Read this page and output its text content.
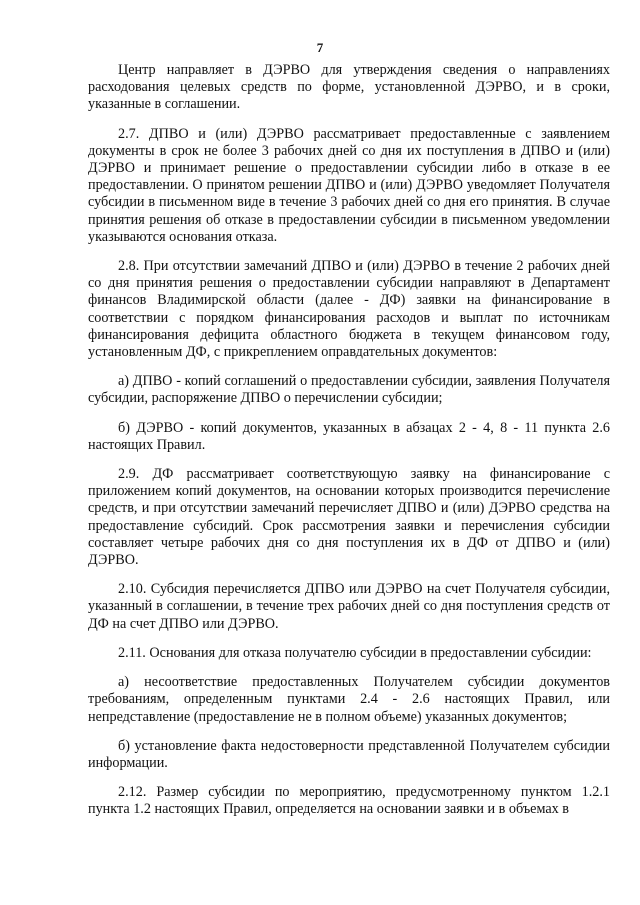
7

Центр направляет в ДЭРВО для утверждения сведения о направлениях расходования целевых средств по форме, установленной ДЭРВО, и в сроки, указанные в соглашении.

2.7. ДПВО и (или) ДЭРВО рассматривает предоставленные с заявлением документы в срок не более 3 рабочих дней со дня их поступления в ДПВО и (или) ДЭРВО и принимает решение о предоставлении субсидии либо в отказе в ее предоставлении. О принятом решении ДПВО и (или) ДЭРВО уведомляет Получателя субсидии в письменном виде в течение 3 рабочих дней со дня его принятия. В случае принятия решения об отказе в предоставлении субсидии в письменном уведомлении указываются основания отказа.

2.8. При отсутствии замечаний ДПВО и (или) ДЭРВО в течение 2 рабочих дней со дня принятия решения о предоставлении субсидии направляют в Департамент финансов Владимирской области (далее - ДФ) заявки на финансирование в соответствии с порядком финансирования расходов и выплат по источникам финансирования дефицита областного бюджета в текущем финансовом году, установленным ДФ, с прикреплением оправдательных документов:

а) ДПВО - копий соглашений о предоставлении субсидии, заявления Получателя субсидии, распоряжение ДПВО о перечислении субсидии;

б) ДЭРВО - копий документов, указанных в абзацах 2 - 4, 8 - 11 пункта 2.6 настоящих Правил.

2.9. ДФ рассматривает соответствующую заявку на финансирование с приложением копий документов, на основании которых производится перечисление средств, и при отсутствии замечаний перечисляет ДПВО и (или) ДЭРВО средства на предоставление субсидий. Срок рассмотрения заявки и перечисления субсидии составляет четыре рабочих дня со дня поступления их в ДФ от ДПВО и (или) ДЭРВО.

2.10. Субсидия перечисляется ДПВО или ДЭРВО на счет Получателя субсидии, указанный в соглашении, в течение трех рабочих дней со дня поступления средств от ДФ на счет ДПВО или ДЭРВО.

2.11. Основания для отказа получателю субсидии в предоставлении субсидии:

а) несоответствие предоставленных Получателем субсидии документов требованиям, определенным пунктами 2.4 - 2.6 настоящих Правил, или непредставление (предоставление не в полном объеме) указанных документов;

б) установление факта недостоверности представленной Получателем субсидии информации.

2.12. Размер субсидии по мероприятию, предусмотренному пунктом 1.2.1 пункта 1.2 настоящих Правил, определяется на основании заявки и в объемах в
